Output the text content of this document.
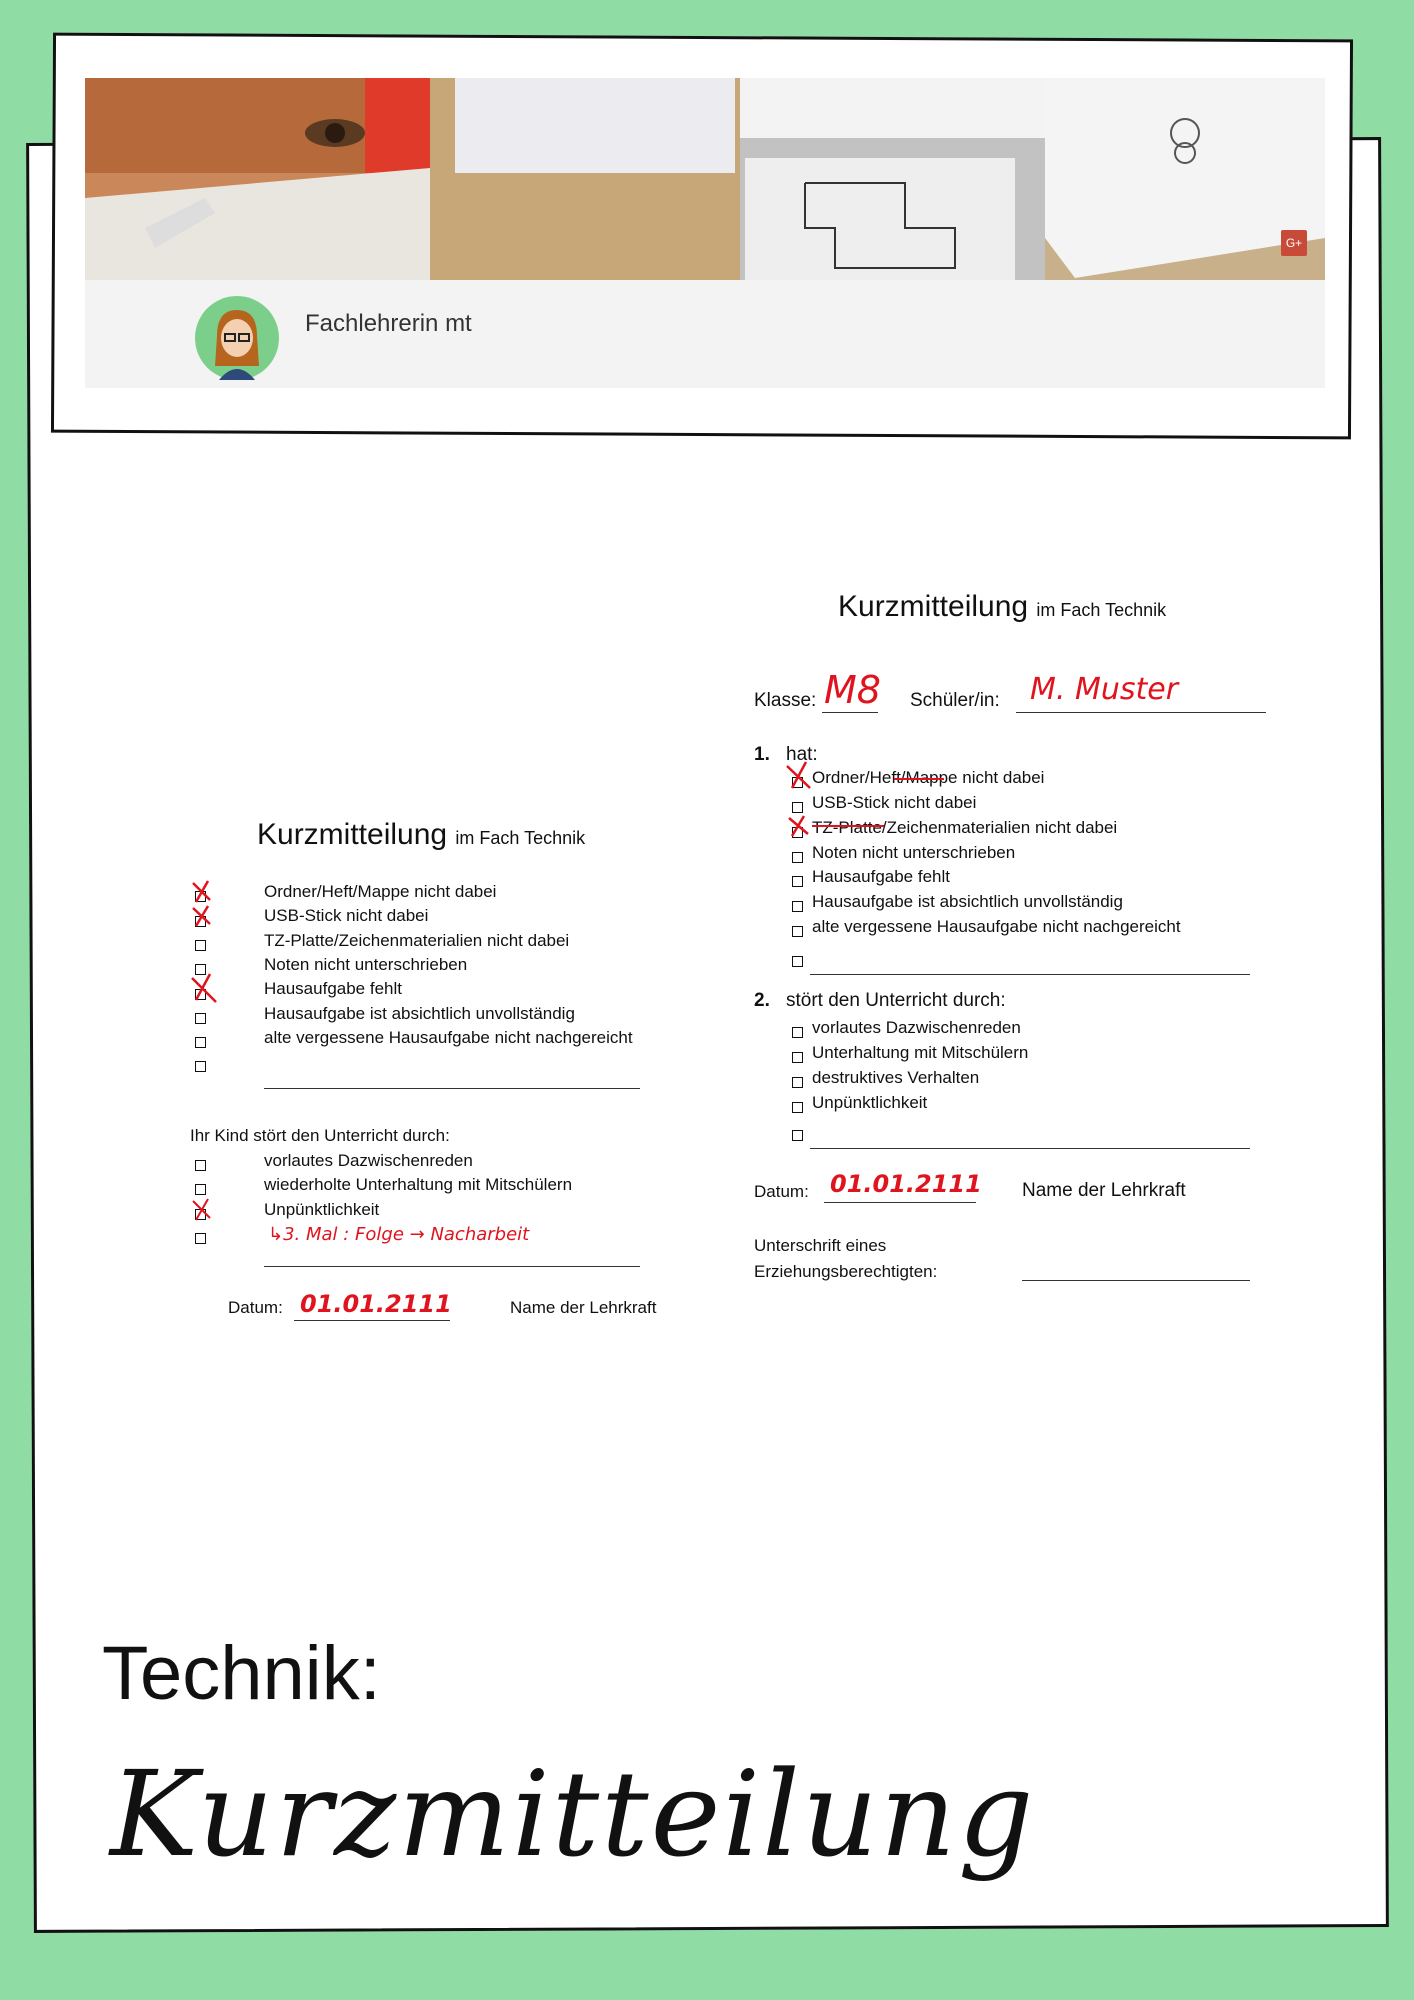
G+
Fachlehrerin mt
Kurzmitteilung im Fach Technik
Ordner/Heft/Mappe nicht dabei
USB-Stick nicht dabei
TZ-Platte/Zeichenmaterialien nicht dabei
Noten nicht unterschrieben
Hausaufgabe fehlt
Hausaufgabe ist absichtlich unvollständig
alte vergessene Hausaufgabe nicht nachgereicht
Ihr Kind stört den Unterricht durch:
vorlautes Dazwischenreden
wiederholte Unterhaltung mit Mitschülern
Unpünktlichkeit
↳3. Mal : Folge → Nacharbeit
Datum: 01.01.2111	Name der Lehrkraft
Kurzmitteilung im Fach Technik
Klasse: M8 Schüler/in: M. Muster
1. hat:
Ordner/Heft/Mappe nicht dabei
USB-Stick nicht dabei
TZ-Platte/Zeichenmaterialien nicht dabei
Noten nicht unterschrieben
Hausaufgabe fehlt
Hausaufgabe ist absichtlich unvollständig
alte vergessene Hausaufgabe nicht nachgereicht
2. stört den Unterricht durch:
vorlautes Dazwischenreden
Unterhaltung mit Mitschülern
destruktives Verhalten
Unpünktlichkeit
Datum: 01.01.2111 Name der Lehrkraft
Unterschrift eines
Erziehungsberechtigten:
Technik:
Kurzmitteilung
